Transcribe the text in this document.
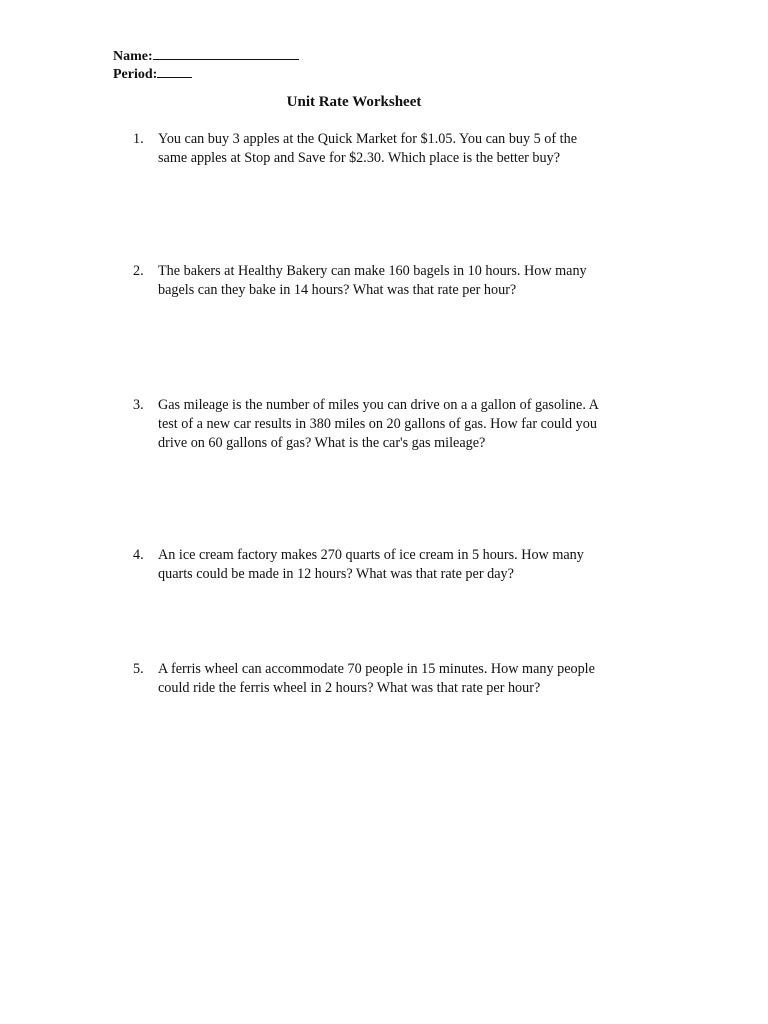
Name:
Period:
Unit Rate Worksheet
1.	You can buy 3 apples at the Quick Market for $1.05. You can buy 5 of the same apples at Stop and Save for $2.30. Which place is the better buy?
2.	The bakers at Healthy Bakery can make 160 bagels in 10 hours. How many bagels can they bake in 14 hours? What was that rate per hour?
3.	Gas mileage is the number of miles you can drive on a a gallon of gasoline. A test of a new car results in 380 miles on 20 gallons of gas. How far could you drive on 60 gallons of gas? What is the car's gas mileage?
4.	An ice cream factory makes 270 quarts of ice cream in 5 hours. How many quarts could be made in 12 hours? What was that rate per day?
5.	A ferris wheel can accommodate 70 people in 15 minutes. How many people could ride the ferris wheel in 2 hours? What was that rate per hour?
